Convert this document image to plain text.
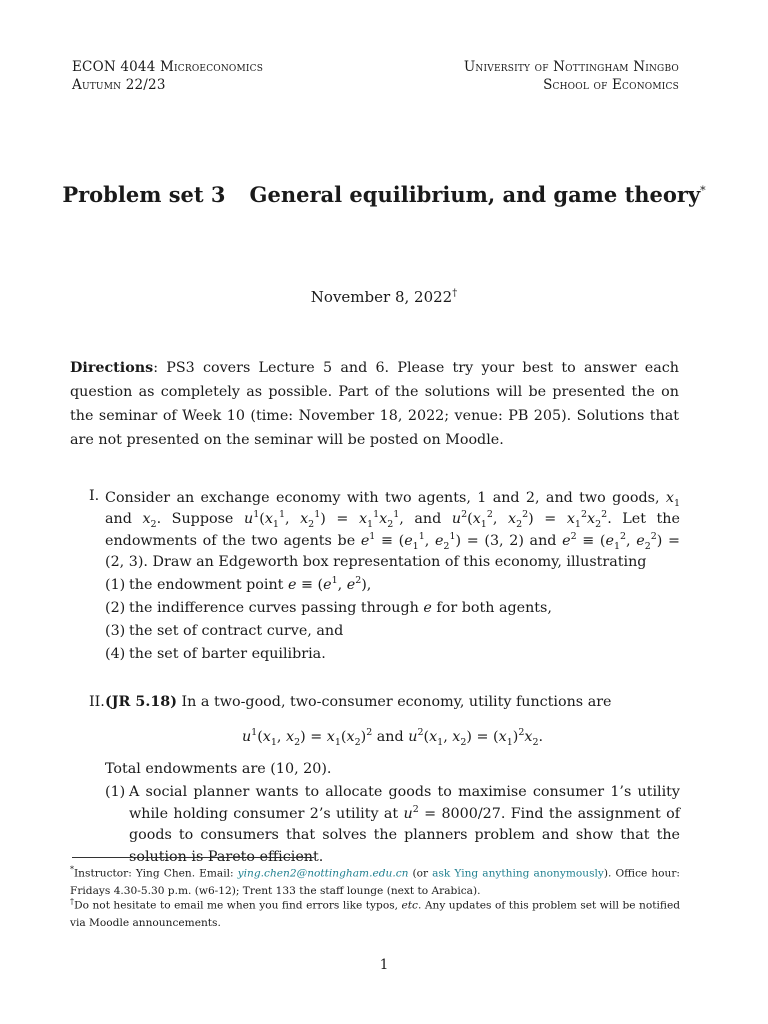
ECON 4044 Microeconomics
Autumn 22/23
University of Nottingham Ningbo
School of Economics
Problem set 3 General equilibrium, and game theory*
November 8, 2022†
Directions: PS3 covers Lecture 5 and 6. Please try your best to answer each question as completely as possible. Part of the solutions will be presented the on the seminar of Week 10 (time: November 18, 2022; venue: PB 205). Solutions that are not presented on the seminar will be posted on Moodle.
I. Consider an exchange economy with two agents, 1 and 2, and two goods, $x_1$ and $x_2$. Suppose $u^1(x_1^1$, $x_2^1) = x_1^1x_2^1$, and $u^2(x_1^2$, $x_2^2) = x_1^2x_2^2$. Let the endowments of the two agents be $e^1 \equiv (e_1^1$, $e_2^1) = (3$, 2) and $e^2 \equiv (e_1^2$, $e_2^2) = (2$, 3). Draw an Edgeworth box representation of this economy, illustrating
(1) the endowment point $e \equiv (e^1$, $e^2$),
(2) the indifference curves passing through e for both agents,
(3) the set of contract curve, and
(4) the set of barter equilibria.
II. (JR 5.18) In a two-good, two-consumer economy, utility functions are
$u^1(x_1$, $x_2) = x_1(x_2)^2$ and $u^2(x_1$, $x_2) = (x_1)^2x_2$.
Total endowments are (10, 20).
(1) A social planner wants to allocate goods to maximise consumer 1’s utility while holding consumer 2’s utility at $u^2 = 8000/27$. Find the assignment of goods to consumers that solves the planners problem and show that the solution is Pareto efficient.
*Instructor: Ying Chen. Email: ying.chen2@nottingham.edu.cn (or ask Ying anything anonymously). Office hour: Fridays 4.30-5.30 p.m. (w6-12); Trent 133 the staff lounge (next to Arabica).
†Do not hesitate to email me when you find errors like typos, etc. Any updates of this problem set will be notified via Moodle announcements.
1
